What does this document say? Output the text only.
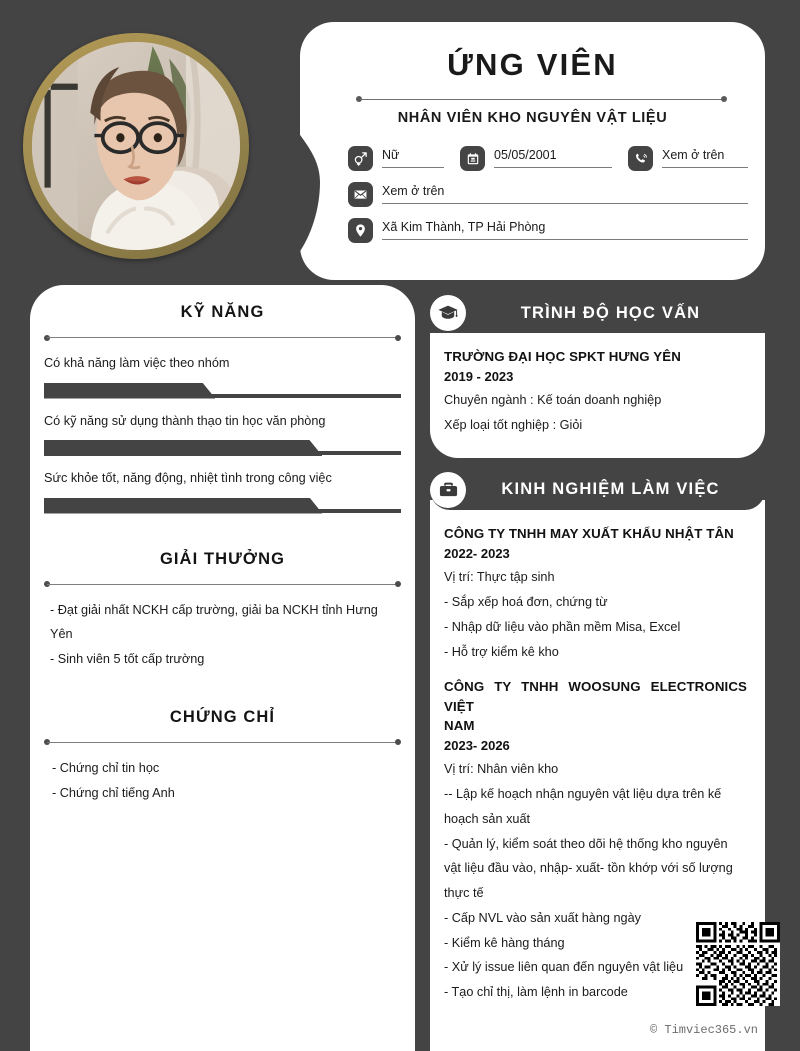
ỨNG VIÊN
NHÂN VIÊN KHO NGUYÊN VẬT LIỆU
Nữ	05/05/2001	Xem ở trên
Xem ở trên
Xã Kim Thành, TP Hải Phòng
KỸ NĂNG
Có khả năng làm việc theo nhóm
Có kỹ năng sử dụng thành thạo tin học văn phòng
Sức khỏe tốt, năng động, nhiệt tình trong công việc
GIẢI THƯỞNG
- Đạt giải nhất NCKH cấp trường, giải ba NCKH tỉnh Hưng Yên
- Sinh viên 5 tốt cấp trường
CHỨNG CHỈ
- Chứng chỉ tin học
- Chứng chỉ tiếng Anh
TRÌNH ĐỘ HỌC VẤN
TRƯỜNG ĐẠI HỌC SPKT HƯNG YÊN
2019 - 2023
Chuyên ngành : Kế toán doanh nghiệp
Xếp loại tốt nghiệp : Giỏi
KINH NGHIỆM LÀM VIỆC
CÔNG TY TNHH MAY XUẤT KHẨU NHẬT TÂN
2022- 2023
Vị trí: Thực tập sinh
- Sắp xếp hoá đơn, chứng từ
- Nhập dữ liệu vào phần mềm Misa, Excel
- Hỗ trợ kiểm kê kho
CÔNG TY TNHH WOOSUNG ELECTRONICS VIỆT
NAM
2023- 2026
Vị trí: Nhân viên kho
-- Lập kế hoạch nhận nguyên vật liệu dựa trên kế hoạch sản xuất
- Quản lý, kiểm soát theo dõi hệ thống kho nguyên vật liệu đầu vào, nhập- xuất- tồn khớp với số lượng thực tế
- Cấp NVL vào sản xuất hàng ngày
- Kiểm kê hàng tháng
- Xử lý issue liên quan đến nguyên vật liệu
- Tạo chỉ thị, làm lệnh in barcode
© Timviec365.vn
